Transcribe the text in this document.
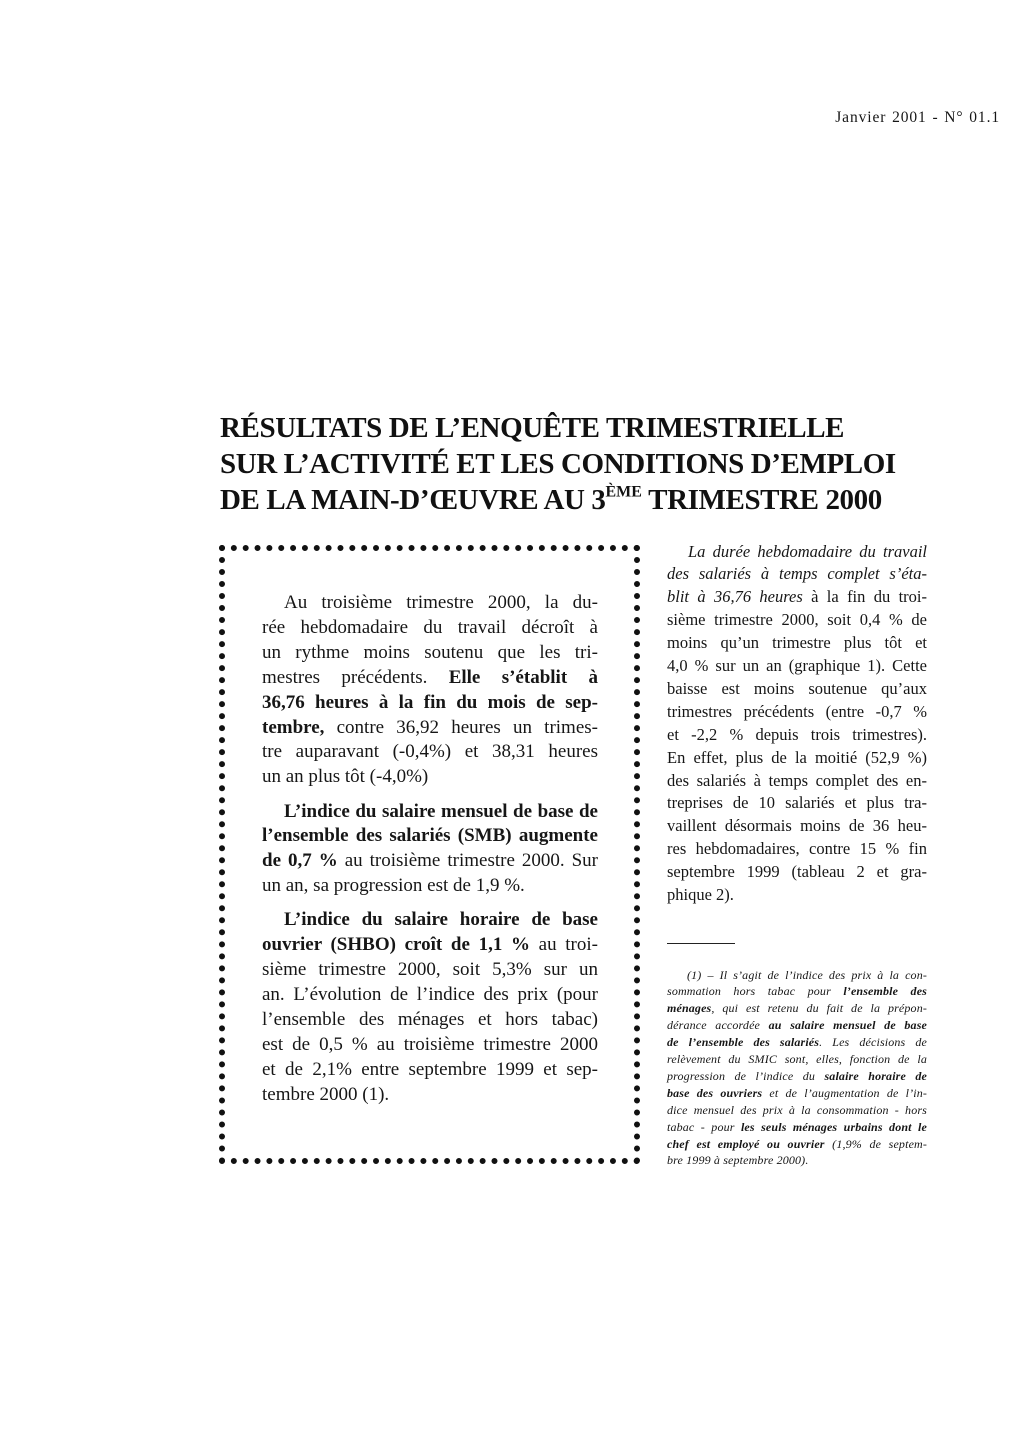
Janvier 2001 - N° 01.1
RÉSULTATS DE L’ENQUÊTE TRIMESTRIELLE
SUR L’ACTIVITÉ ET LES CONDITIONS D’EMPLOI
DE LA MAIN-D’ŒUVRE AU 3ÈME TRIMESTRE 2000
Au troisième trimestre 2000, la du-
rée hebdomadaire du travail décroît à
un rythme moins soutenu que les tri-
mestres précédents. Elle s’établit à
36,76 heures à la fin du mois de sep-
tembre, contre 36,92 heures un trimes-
tre auparavant (-0,4%) et 38,31 heures
un an plus tôt (-4,0%)
L’indice du salaire mensuel de base de
l’ensemble des salariés (SMB) augmente
de 0,7 % au troisième trimestre 2000. Sur
un an, sa progression est de 1,9 %.
L’indice du salaire horaire de base
ouvrier (SHBO) croît de 1,1 % au troi-
sième trimestre 2000, soit 5,3% sur un
an. L’évolution de l’indice des prix (pour
l’ensemble des ménages et hors tabac)
est de 0,5 % au troisième trimestre 2000
et de 2,1% entre septembre 1999 et sep-
tembre 2000 (1).
La durée hebdomadaire du travail
des salariés à temps complet s’éta-
blit à 36,76 heures à la fin du troi-
sième trimestre 2000, soit 0,4 % de
moins qu’un trimestre plus tôt et
4,0 % sur un an (graphique 1). Cette
baisse est moins soutenue qu’aux
trimestres précédents (entre -0,7 %
et -2,2 % depuis trois trimestres).
En effet, plus de la moitié (52,9 %)
des salariés à temps complet des en-
treprises de 10 salariés et plus tra-
vaillent désormais moins de 36 heu-
res hebdomadaires, contre 15 % fin
septembre 1999 (tableau 2 et gra-
phique 2).
(1) – Il s’agit de l’indice des prix à la con-
sommation hors tabac pour l’ensemble des
ménages, qui est retenu du fait de la prépon-
dérance accordée au salaire mensuel de base
de l’ensemble des salariés. Les décisions de
relèvement du SMIC sont, elles, fonction de la
progression de l’indice du salaire horaire de
base des ouvriers et de l’augmentation de l’in-
dice mensuel des prix à la consommation - hors
tabac - pour les seuls ménages urbains dont le
chef est employé ou ouvrier (1,9% de septem-
bre 1999 à septembre 2000).
